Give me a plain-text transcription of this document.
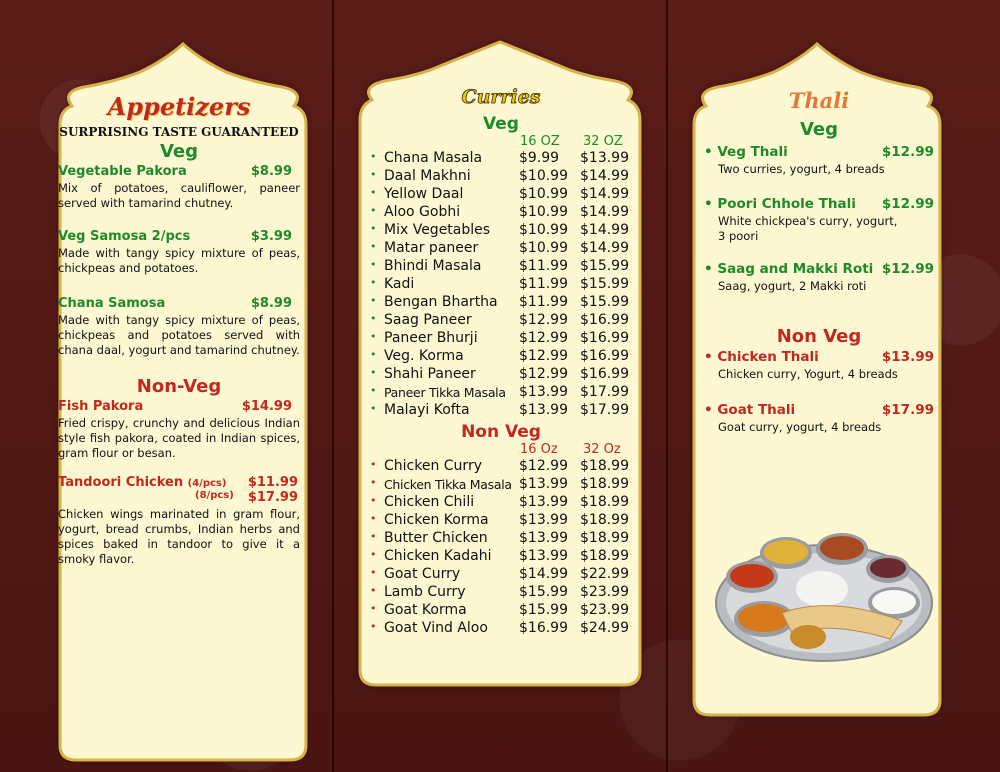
Appetizers
SURPRISING TASTE GUARANTEED
Veg
Vegetable Pakora	$8.99
Mix of potatoes, cauliflower, paneer served with tamarind chutney.
Veg Samosa 2/pcs	$3.99
Made with tangy spicy mixture of peas, chickpeas and potatoes.
Chana Samosa	$8.99
Made with tangy spicy mixture of peas, chickpeas and potatoes served with chana daal, yogurt and tamarind chutney.
Non-Veg
Fish Pakora	$14.99
Fried crispy, crunchy and delicious Indian style fish pakora, coated in Indian spices, gram flour or besan.
Tandoori Chicken (4/pcs) $11.99
(8/pcs) $17.99
Chicken wings marinated in gram flour, yogurt, bread crumbs, Indian herbs and spices baked in tandoor to give it a smoky flavor.
Curries
Veg
16 OZ 32 OZ
• Chana Masala	$9.99 $13.99
• Daal Makhni	$10.99 $14.99
• Yellow Daal	$10.99 $14.99
• Aloo Gobhi	$10.99 $14.99
• Mix Vegetables $10.99 $14.99
• Matar paneer	$10.99 $14.99
• Bhindi Masala	$11.99 $15.99
• Kadi	$11.99 $15.99
• Bengan Bhartha $11.99 $15.99
• Saag Paneer	$12.99 $16.99
• Paneer Bhurji	$12.99 $16.99
• Veg. Korma	$12.99 $16.99
• Shahi Paneer	$12.99 $16.99
• Paneer Tikka Masala $13.99 $17.99
• Malayi Kofta	$13.99 $17.99
Non Veg
16 Oz 32 Oz
• Chicken Curry	$12.99 $18.99
• Chicken Tikka Masala $13.99 $18.99
• Chicken Chili	$13.99 $18.99
• Chicken Korma $13.99 $18.99
• Butter Chicken $13.99 $18.99
• Chicken Kadahi $13.99 $18.99
• Goat Curry	$14.99 $22.99
• Lamb Curry	$15.99 $23.99
• Goat Korma	$15.99 $23.99
• Goat Vind Aloo $16.99 $24.99
Thali
Veg
• Veg Thali	$12.99
Two curries, yogurt, 4 breads
• Poori Chhole Thali $12.99
White chickpea's curry, yogurt, 3 poori
• Saag and Makki Roti $12.99
Saag, yogurt, 2 Makki roti
Non Veg
• Chicken Thali	$13.99
Chicken curry, Yogurt, 4 breads
• Goat Thali	$17.99
Goat curry, yogurt, 4 breads
